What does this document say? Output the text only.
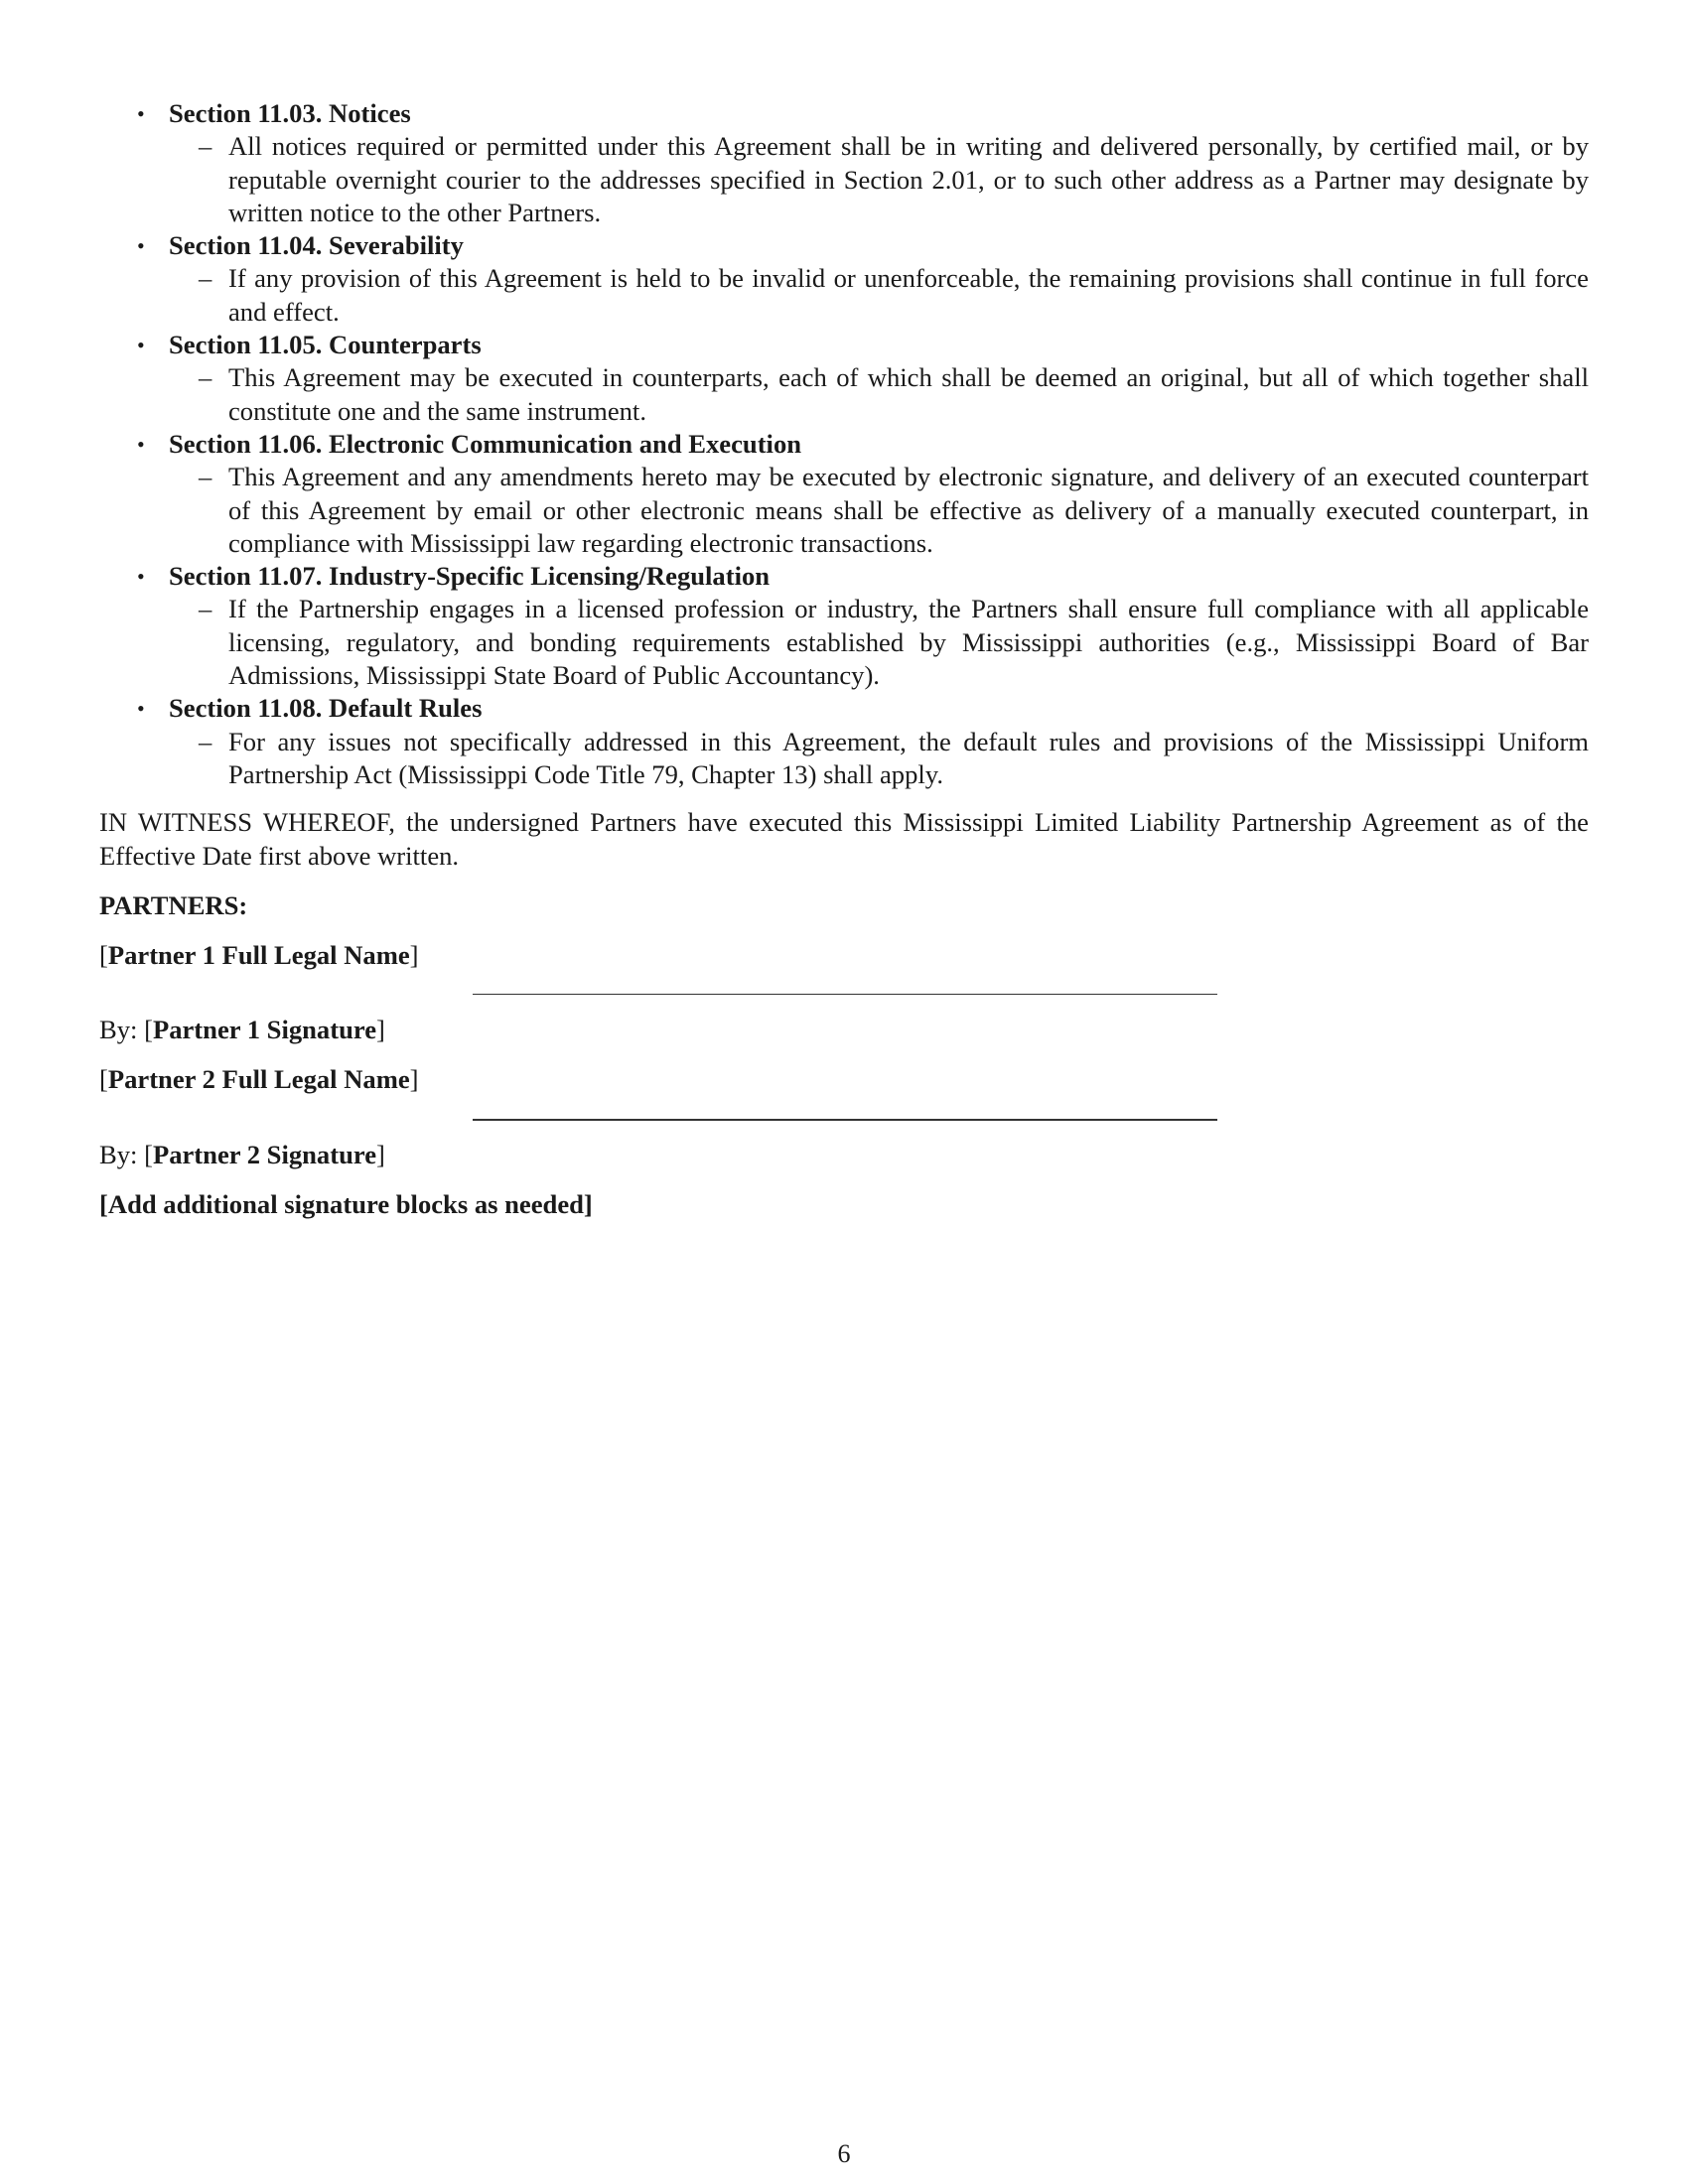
• Section 11.03. Notices
– All notices required or permitted under this Agreement shall be in writing and delivered personally, by certified mail, or by reputable overnight courier to the addresses specified in Section 2.01, or to such other address as a Partner may designate by written notice to the other Partners.
• Section 11.04. Severability
– If any provision of this Agreement is held to be invalid or unenforceable, the remaining provisions shall continue in full force and effect.
• Section 11.05. Counterparts
– This Agreement may be executed in counterparts, each of which shall be deemed an original, but all of which together shall constitute one and the same instrument.
• Section 11.06. Electronic Communication and Execution
– This Agreement and any amendments hereto may be executed by electronic signature, and delivery of an executed counterpart of this Agreement by email or other electronic means shall be effective as delivery of a manually executed counterpart, in compliance with Mississippi law regarding electronic transactions.
• Section 11.07. Industry-Specific Licensing/Regulation
– If the Partnership engages in a licensed profession or industry, the Partners shall ensure full compliance with all applicable licensing, regulatory, and bonding requirements established by Mississippi authorities (e.g., Mississippi Board of Bar Admissions, Mississippi State Board of Public Accountancy).
• Section 11.08. Default Rules
– For any issues not specifically addressed in this Agreement, the default rules and provisions of the Mississippi Uniform Partnership Act (Mississippi Code Title 79, Chapter 13) shall apply.
IN WITNESS WHEREOF, the undersigned Partners have executed this Mississippi Limited Liability Partnership Agreement as of the Effective Date first above written.
PARTNERS:
[Partner 1 Full Legal Name]
By: [Partner 1 Signature]
[Partner 2 Full Legal Name]
By: [Partner 2 Signature]
[Add additional signature blocks as needed]
6
